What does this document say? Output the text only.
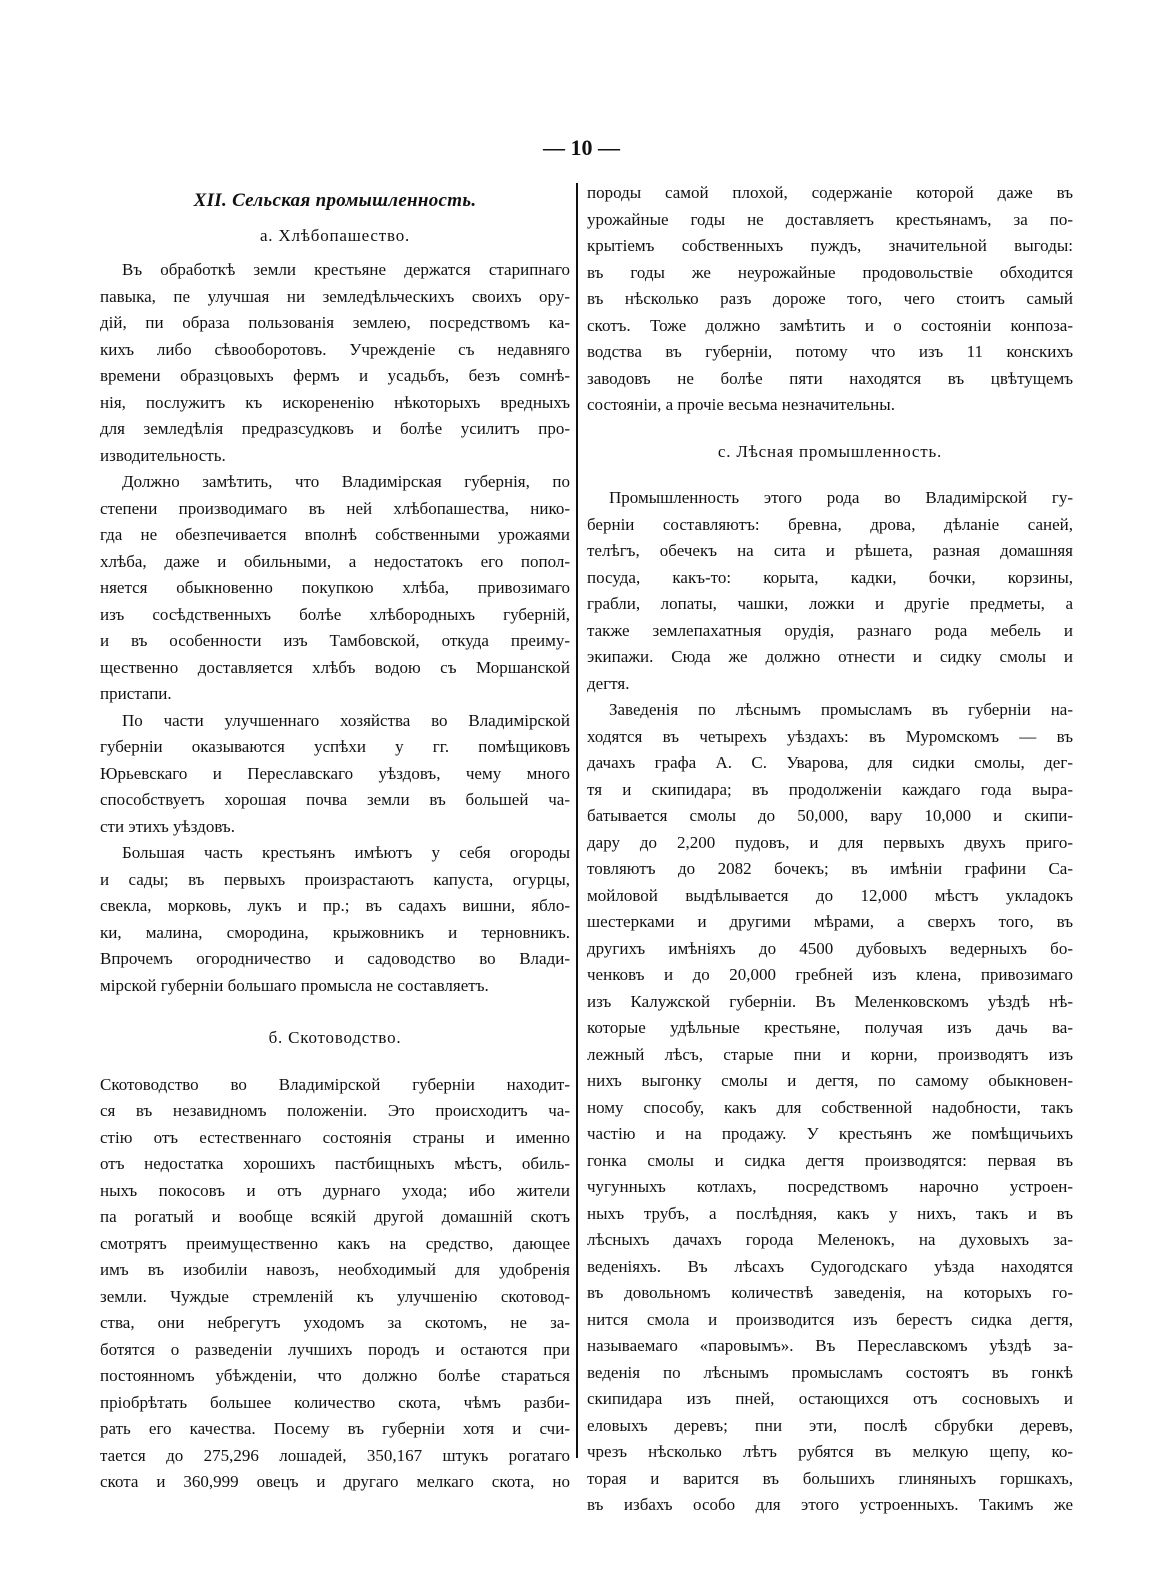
— 10 —
XII. Сельская промышленность.
а. Хлѣбопашество.
Въ обработкѣ земли крестьяне держатся старипнаго
павыка, пе улучшая ни земледѣльческихъ своихъ ору-
дій, пи образа пользованія землею, посредствомъ ка-
кихъ либо сѣвооборотовъ. Учрежденіе съ недавняго
времени образцовыхъ фермъ и усадьбъ, безъ сомнѣ-
нія, послужитъ къ искорененію нѣкоторыхъ вредныхъ
для земледѣлія предразсудковъ и болѣе усилитъ про-
изводительность.
Должно замѣтить, что Владимірская губернія, по
степени производимаго въ ней хлѣбопашества, нико-
гда не обезпечивается вполнѣ собственными урожаями
хлѣба, даже и обильными, а недостатокъ его попол-
няется обыкновенно покупкою хлѣба, привозимаго
изъ сосѣдственныхъ болѣе хлѣбородныхъ губерній,
и въ особенности изъ Тамбовской, откуда преиму-
щественно доставляется хлѣбъ водою съ Моршанской
пристапи.
По части улучшеннаго хозяйства во Владимірской
губерніи оказываются успѣхи у гг. помѣщиковъ
Юрьевскаго и Переславскаго уѣздовъ, чему много
способствуетъ хорошая почва земли въ большей ча-
сти этихъ уѣздовъ.
Большая часть крестьянъ имѣютъ у себя огороды
и сады; въ первыхъ произрастаютъ капуста, огурцы,
свекла, морковь, лукъ и пр.; въ садахъ вишни, ябло-
ки, малина, смородина, крыжовникъ и терновникъ.
Впрочемъ огородничество и садоводство во Влади-
мірской губерніи большаго промысла не составляетъ.
б. Скотоводство.
Скотоводство во Владимірской губерніи находит-
ся въ незавидномъ положеніи. Это происходитъ ча-
стію отъ естественнаго состоянія страны и именно
отъ недостатка хорошихъ пастбищныхъ мѣстъ, обиль-
ныхъ покосовъ и отъ дурнаго ухода; ибо жители
па рогатый и вообще всякій другой домашній скотъ
смотрятъ преимущественно какъ на средство, дающее
имъ въ изобиліи навозъ, необходимый для удобренія
земли. Чуждые стремленій къ улучшенію скотовод-
ства, они небрегутъ уходомъ за скотомъ, не за-
ботятся о разведеніи лучшихъ породъ и остаются при
постоянномъ убѣжденіи, что должно болѣе стараться
пріобрѣтать большее количество скота, чѣмъ разби-
рать его качества. Посему въ губерніи хотя и счи-
тается до 275,296 лошадей, 350,167 штукъ рогатаго
скота и 360,999 овецъ и другаго мелкаго скота, но
породы самой плохой, содержаніе которой даже въ
урожайные годы не доставляетъ крестьянамъ, за по-
крытіемъ собственныхъ пуждъ, значительной выгоды:
въ годы же неурожайные продовольствіе обходится
въ нѣсколько разъ дороже того, чего стоитъ самый
скотъ. Тоже должно замѣтить и о состояніи конпоза-
водства въ губерніи, потому что изъ 11 конскихъ
заводовъ не болѣе пяти находятся въ цвѣтущемъ
состояніи, а прочіе весьма незначительны.
с. Лѣсная промышленность.
Промышленность этого рода во Владимірской гу-
берніи составляютъ: бревна, дрова, дѣланіе саней,
телѣгъ, обечекъ на сита и рѣшета, разная домашняя
посуда, какъ-то: корыта, кадки, бочки, корзины,
грабли, лопаты, чашки, ложки и другіе предметы, а
также землепахатныя орудія, разнаго рода мебель и
экипажи. Сюда же должно отнести и сидку смолы и
дегтя.
Заведенія по лѣснымъ промысламъ въ губерніи на-
ходятся въ четырехъ уѣздахъ: въ Муромскомъ — въ
дачахъ графа А. С. Уварова, для сидки смолы, дег-
тя и скипидара; въ продолженіи каждаго года выра-
батывается смолы до 50,000, вару 10,000 и скипи-
дару до 2,200 пудовъ, и для первыхъ двухъ приго-
товляютъ до 2082 бочекъ; въ имѣніи графини Са-
мойловой выдѣлывается до 12,000 мѣстъ укладокъ
шестерками и другими мѣрами, а сверхъ того, въ
другихъ имѣніяхъ до 4500 дубовыхъ ведерныхъ бо-
ченковъ и до 20,000 гребней изъ клена, привозимаго
изъ Калужской губерніи. Въ Меленковскомъ уѣздѣ нѣ-
которые удѣльные крестьяне, получая изъ дачь ва-
лежный лѣсъ, старые пни и корни, производятъ изъ
нихъ выгонку смолы и дегтя, по самому обыкновен-
ному способу, какъ для собственной надобности, такъ
частію и на продажу. У крестьянъ же помѣщичьихъ
гонка смолы и сидка дегтя производятся: первая въ
чугунныхъ котлахъ, посредствомъ нарочно устроен-
ныхъ трубъ, а послѣдняя, какъ у нихъ, такъ и въ
лѣсныхъ дачахъ города Меленокъ, на духовыхъ за-
веденіяхъ. Въ лѣсахъ Судогодскаго уѣзда находятся
въ довольномъ количествѣ заведенія, на которыхъ го-
нится смола и производится изъ берестъ сидка дегтя,
называемаго «паровымъ». Въ Переславскомъ уѣздѣ за-
веденія по лѣснымъ промысламъ состоятъ въ гонкѣ
скипидара изъ пней, остающихся отъ сосновыхъ и
еловыхъ деревъ; пни эти, послѣ сбрубки деревъ,
чрезъ нѣсколько лѣтъ рубятся въ мелкую щепу, ко-
торая и варится въ большихъ глиняныхъ горшкахъ,
въ избахъ особо для этого устроенныхъ. Такимъ же
